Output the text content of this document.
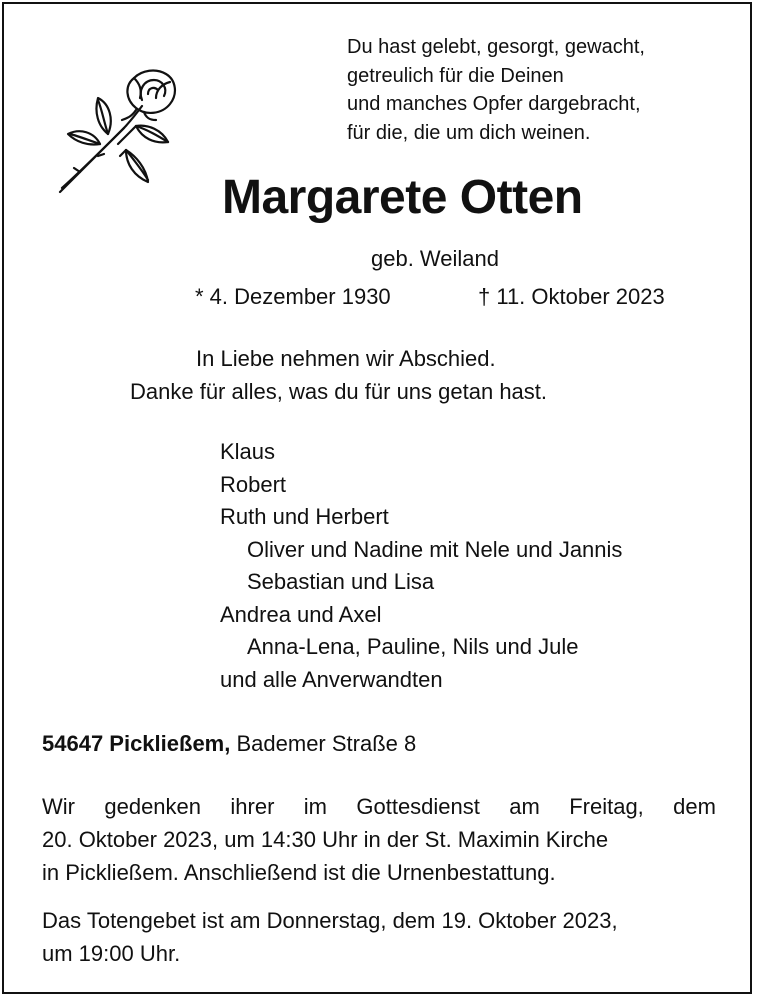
Du hast gelebt, gesorgt, gewacht,
getreulich für die Deinen
und manches Opfer dargebracht,
für die, die um dich weinen.
Margarete Otten
geb. Weiland
* 4. Dezember 1930	† 11. Oktober 2023
In Liebe nehmen wir Abschied.
Danke für alles, was du für uns getan hast.
Klaus
Robert
Ruth und Herbert
Oliver und Nadine mit Nele und Jannis
Sebastian und Lisa
Andrea und Axel
Anna-Lena, Pauline, Nils und Jule
und alle Anverwandten
54647 Pickließem, Bademer Straße 8
Wir gedenken ihrer im Gottesdienst am Freitag, dem
20. Oktober 2023, um 14:30 Uhr in der St. Maximin Kirche
in Pickließem. Anschließend ist die Urnenbestattung.
Das Totengebet ist am Donnerstag, dem 19. Oktober 2023,
um 19:00 Uhr.
